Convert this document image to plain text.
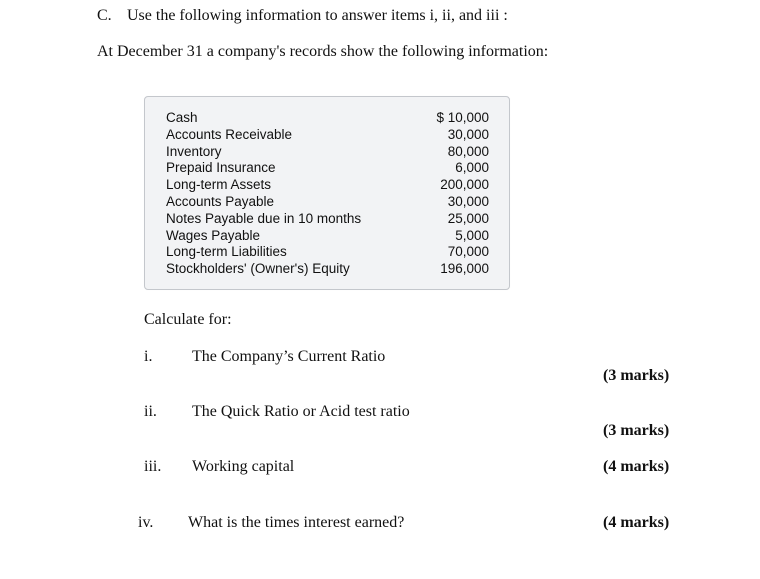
C. Use the following information to answer items i, ii, and iii :
At December 31 a company's records show the following information:
Cash
Accounts Receivable
Inventory
Prepaid Insurance
Long-term Assets
Accounts Payable
Notes Payable due in 10 months
Wages Payable
Long-term Liabilities
Stockholders' (Owner's) Equity
$ 10,000
30,000
80,000
6,000
200,000
30,000
25,000
5,000
70,000
196,000
Calculate for:
i. The Company’s Current Ratio
(3 marks)
ii. The Quick Ratio or Acid test ratio
(3 marks)
iii. Working capital	(4 marks)
iv. What is the times interest earned?	(4 marks)
